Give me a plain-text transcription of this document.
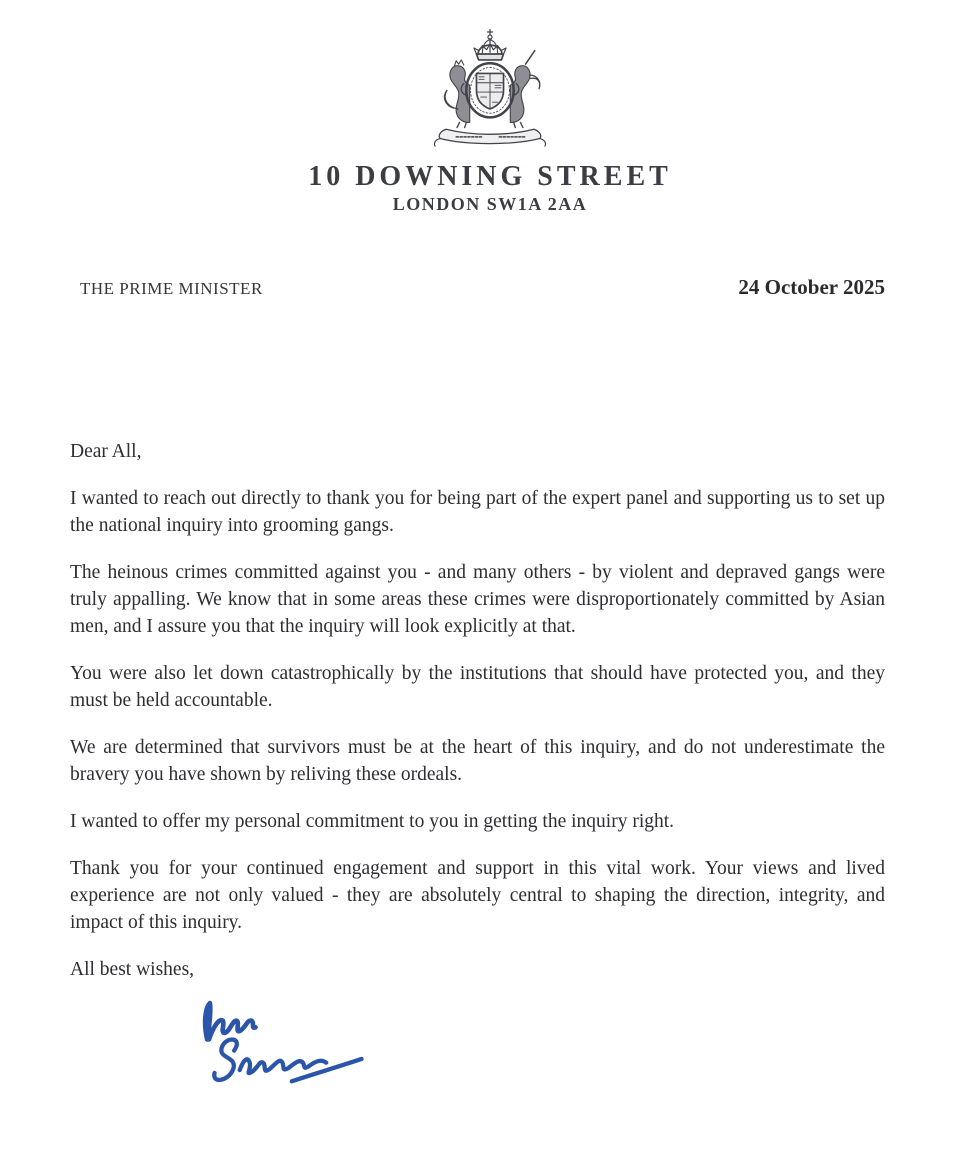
10 DOWNING STREET
LONDON SW1A 2AA
THE PRIME MINISTER	24 October 2025

Dear All,

I wanted to reach out directly to thank you for being part of the expert panel and supporting us to set up the national inquiry into grooming gangs.

The heinous crimes committed against you - and many others - by violent and depraved gangs were truly appalling. We know that in some areas these crimes were disproportionately committed by Asian men, and I assure you that the inquiry will look explicitly at that.

You were also let down catastrophically by the institutions that should have protected you, and they must be held accountable.

We are determined that survivors must be at the heart of this inquiry, and do not underestimate the bravery you have shown by reliving these ordeals.

I wanted to offer my personal commitment to you in getting the inquiry right.

Thank you for your continued engagement and support in this vital work. Your views and lived experience are not only valued - they are absolutely central to shaping the direction, integrity, and impact of this inquiry.

All best wishes,
